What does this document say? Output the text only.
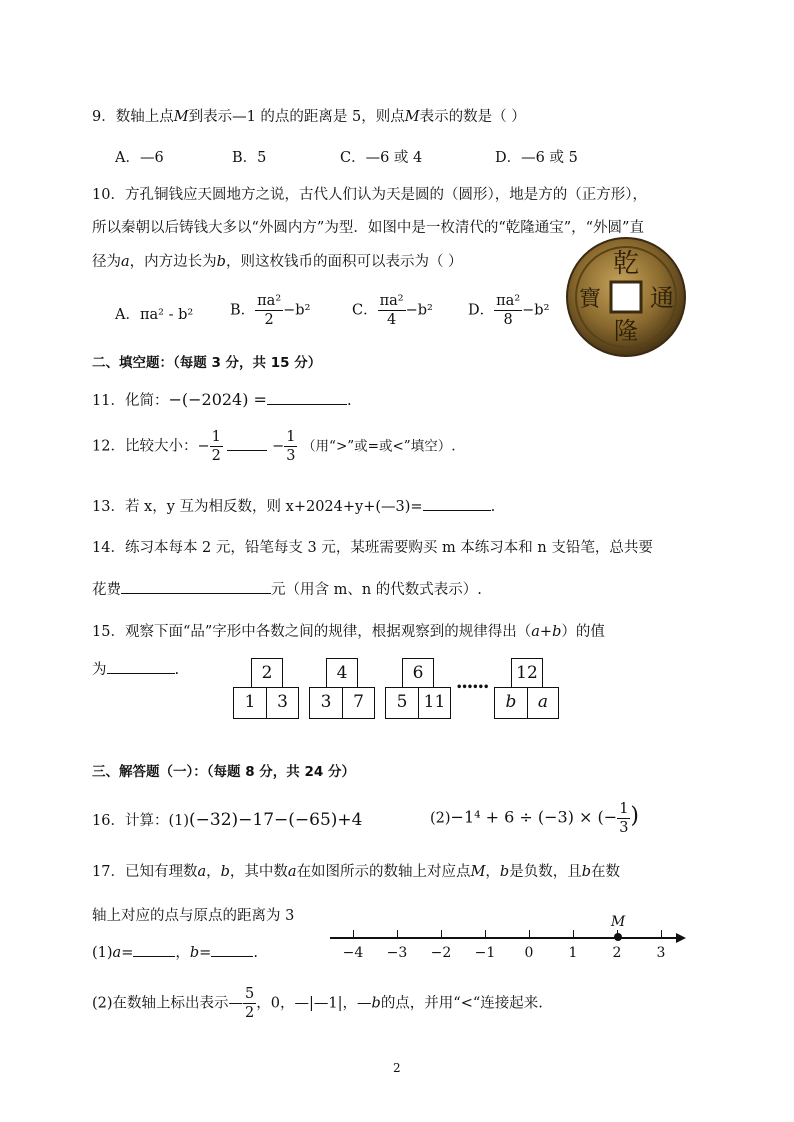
9．数轴上点M到表示—1 的点的距离是 5，则点M表示的数是（ ）
A．—6	B．5	C．—6 或 4	D．—6 或 5
10．方孔铜钱应天圆地方之说，古代人们认为天是圆的（圆形），地是方的（正方形），
所以秦朝以后铸钱大多以“外圆内方”为型．如图中是一枚清代的“乾隆通宝”，“外圆”直
径为a，内方边长为b，则这枚钱币的面积可以表示为（ ）
A．πa² - b²	B． $\frac{\text{πa²}}{2} -b^2$	C． $\frac{\text{πa²}}{4} -b^2$ D． $\frac{\text{πa²}}{8} -b^2$
乾
隆
通
寶
二、填空题：（每题 3 分，共 15 分）
11．化简：−(−2024) =	.
12．比较大小：− $\frac{1}{2}$	− $\frac{1}{3}$ （用“>”或=或<”填空）.
13．若 x，y 互为相反数，则 x+2024+y+(—3)=	.
14．练习本每本 2 元，铅笔每支 3 元，某班需要购买 m 本练习本和 n 支铅笔，总共要
花费	元（用含 m、n 的代数式表示）.
15．观察下面“品”字形中各数之间的规律，根据观察到的规律得出（a+b）的值
为	.	2
1	3
4
3	7
6
5 11
••••••
12
b	a
三、解答题（一）：（每题 8 分，共 24 分）
16．计算：(1)(−32)−17−(−65)+4	(2)−1⁴ + 6 ÷ (−3) × (− $\frac{1}{3}$ )
17．已知有理数a，b，其中数a在如图所示的数轴上对应点M，b是负数，且b在数
轴上对应的点与原点的距离为 3
(1)a=	，b=	.
(2)在数轴上标出表示— $\frac{5}{2}$ ，0，—|—1|，—b的点，并用“<“连接起来.
−4	−3	−2	−1	0	1	2	3
M
2
